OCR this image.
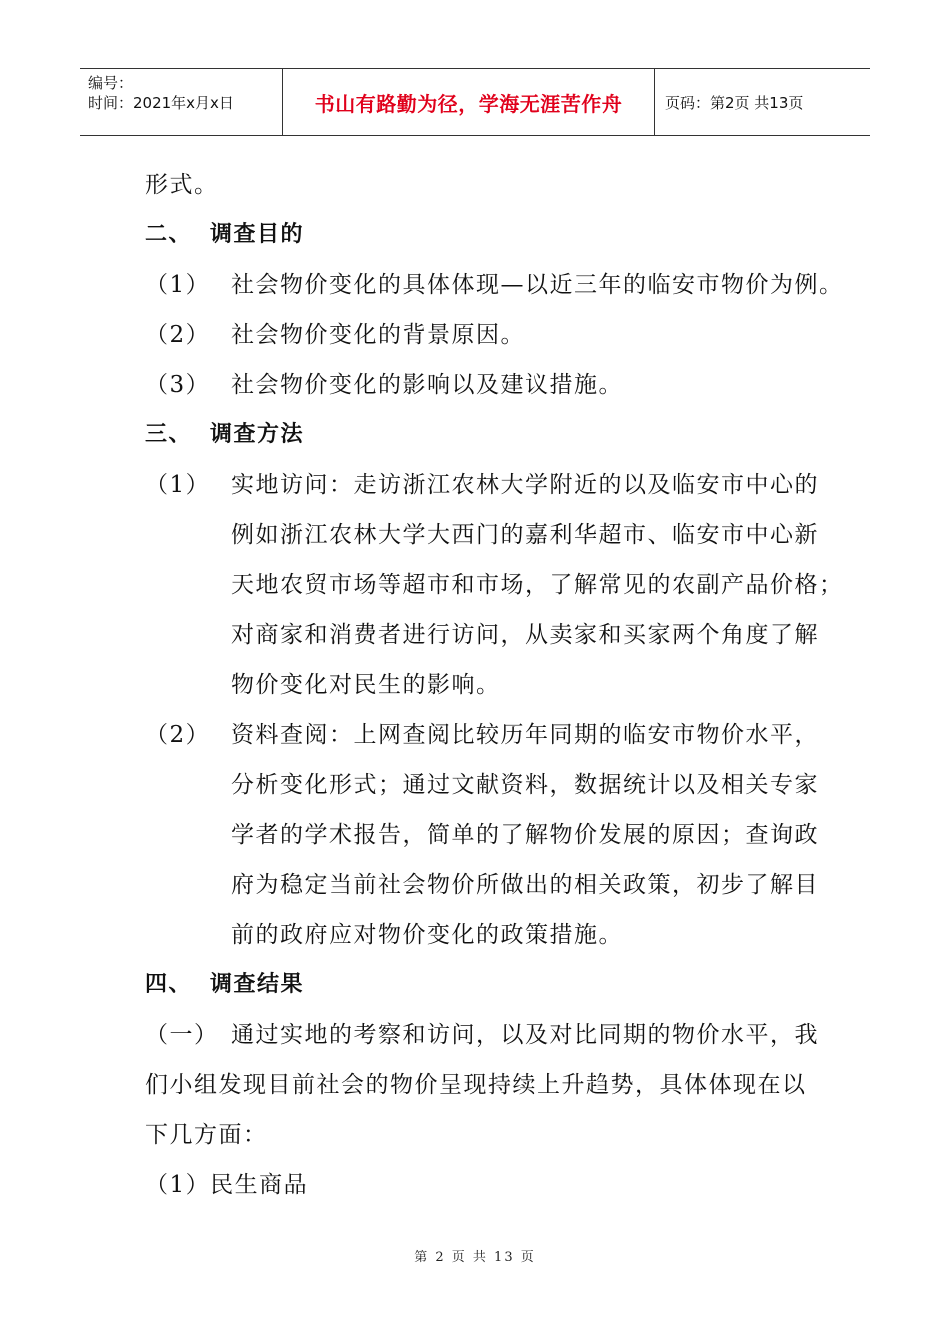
编号：
时间：2021年x月x日	书山有路勤为径，学海无涯苦作舟	页码：第2页 共13页
形式。
二、 调查目的
（1） 社会物价变化的具体体现—以近三年的临安市物价为例。
（2） 社会物价变化的背景原因。
（3） 社会物价变化的影响以及建议措施。
三、 调查方法
（1） 实地访问：走访浙江农林大学附近的以及临安市中心的
例如浙江农林大学大西门的嘉利华超市、临安市中心新
天地农贸市场等超市和市场，了解常见的农副产品价格；
对商家和消费者进行访问，从卖家和买家两个角度了解
物价变化对民生的影响。
（2） 资料查阅：上网查阅比较历年同期的临安市物价水平，
分析变化形式；通过文献资料，数据统计以及相关专家
学者的学术报告，简单的了解物价发展的原因；查询政
府为稳定当前社会物价所做出的相关政策，初步了解目
前的政府应对物价变化的政策措施。
四、 调查结果
（一） 通过实地的考察和访问，以及对比同期的物价水平，我
们小组发现目前社会的物价呈现持续上升趋势，具体体现在以
下几方面：
（1）民生商品
第 2 页 共 13 页
